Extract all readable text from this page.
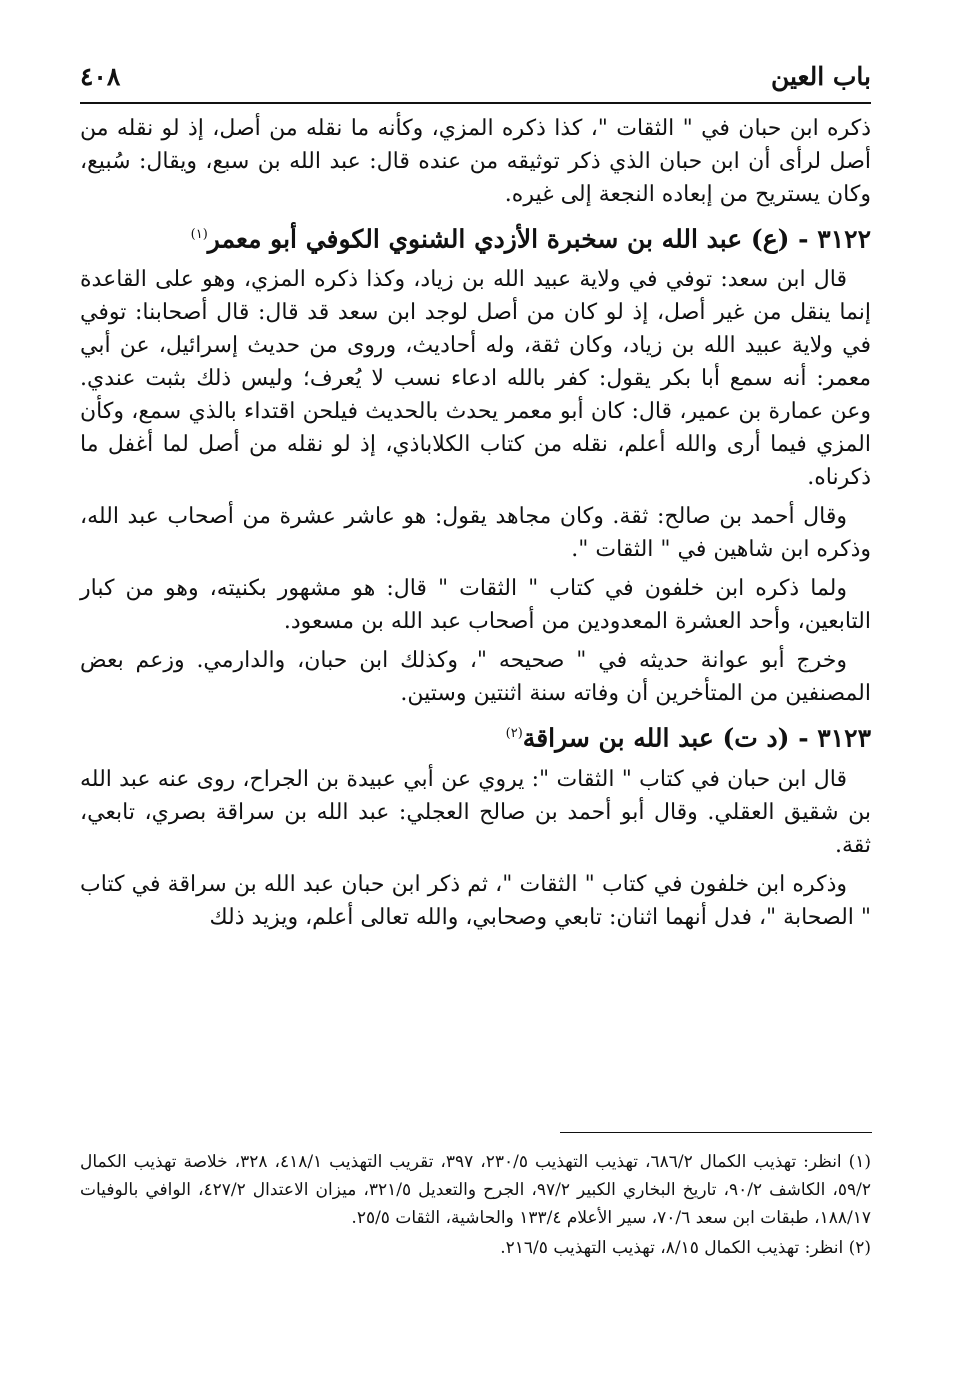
باب العين
٤٠٨

ذكره ابن حبان في " الثقات "، كذا ذكره المزي، وكأنه ما نقله من أصل، إذ لو نقله من أصل لرأى أن ابن حبان الذي ذكر توثيقه من عنده قال: عبد الله بن سبع، ويقال: سُبيع، وكان يستريح من إبعاده النجعة إلى غيره.

٣١٢٢ - (ع) عبد الله بن سخبرة الأزدي الشنوي الكوفي أبو معمر$^{(١)}$

قال ابن سعد: توفي في ولاية عبيد الله بن زياد، وكذا ذكره المزي، وهو على القاعدة إنما ينقل من غير أصل، إذ لو كان من أصل لوجد ابن سعد قد قال: قال أصحابنا: توفي في ولاية عبيد الله بن زياد، وكان ثقة، وله أحاديث، وروى من حديث إسرائيل، عن أبي معمر: أنه سمع أبا بكر يقول: كفر بالله ادعاء نسب لا يُعرف؛ وليس ذلك بثبت عندي. وعن عمارة بن عمير، قال: كان أبو معمر يحدث بالحديث فيلحن اقتداء بالذي سمع، وكأن المزي فيما أرى والله أعلم، نقله من كتاب الكلاباذي، إذ لو نقله من أصل لما أغفل ما ذكرناه.

وقال أحمد بن صالح: ثقة. وكان مجاهد يقول: هو عاشر عشرة من أصحاب عبد الله، وذكره ابن شاهين في " الثقات ".

ولما ذكره ابن خلفون في كتاب " الثقات " قال: هو مشهور بكنيته، وهو من كبار التابعين، وأحد العشرة المعدودين من أصحاب عبد الله بن مسعود.

وخرج أبو عوانة حديثه في " صحيحه "، وكذلك ابن حبان، والدارمي. وزعم بعض المصنفين من المتأخرين أن وفاته سنة اثنتين وستين.

٣١٢٣ - (د ت) عبد الله بن سراقة$^{(٢)}$

قال ابن حبان في كتاب " الثقات ": يروي عن أبي عبيدة بن الجراح، روى عنه عبد الله بن شقيق العقلي. وقال أبو أحمد بن صالح العجلي: عبد الله بن سراقة بصري، تابعي، ثقة.

وذكره ابن خلفون في كتاب " الثقات "، ثم ذكر ابن حبان عبد الله بن سراقة في كتاب " الصحابة "، فدل أنهما اثنان: تابعي وصحابي، والله تعالى أعلم، ويزيد ذلك

(١) انظر: تهذيب الكمال ٦٨٦/٢، تهذيب التهذيب ٢٣٠/٥، ٣٩٧، تقريب التهذيب ٤١٨/١، ٣٢٨، خلاصة تهذيب الكمال ٥٩/٢، الكاشف ٩٠/٢، تاريخ البخاري الكبير ٩٧/٢، الجرح والتعديل ٣٢١/٥، ميزان الاعتدال ٤٢٧/٢، الوافي بالوفيات ١٨٨/١٧، طبقات ابن سعد ٧٠/٦، سير الأعلام ١٣٣/٤ والحاشية، الثقات ٢٥/٥.

(٢) انظر: تهذيب الكمال ٨/١٥، تهذيب التهذيب ٢١٦/٥.
